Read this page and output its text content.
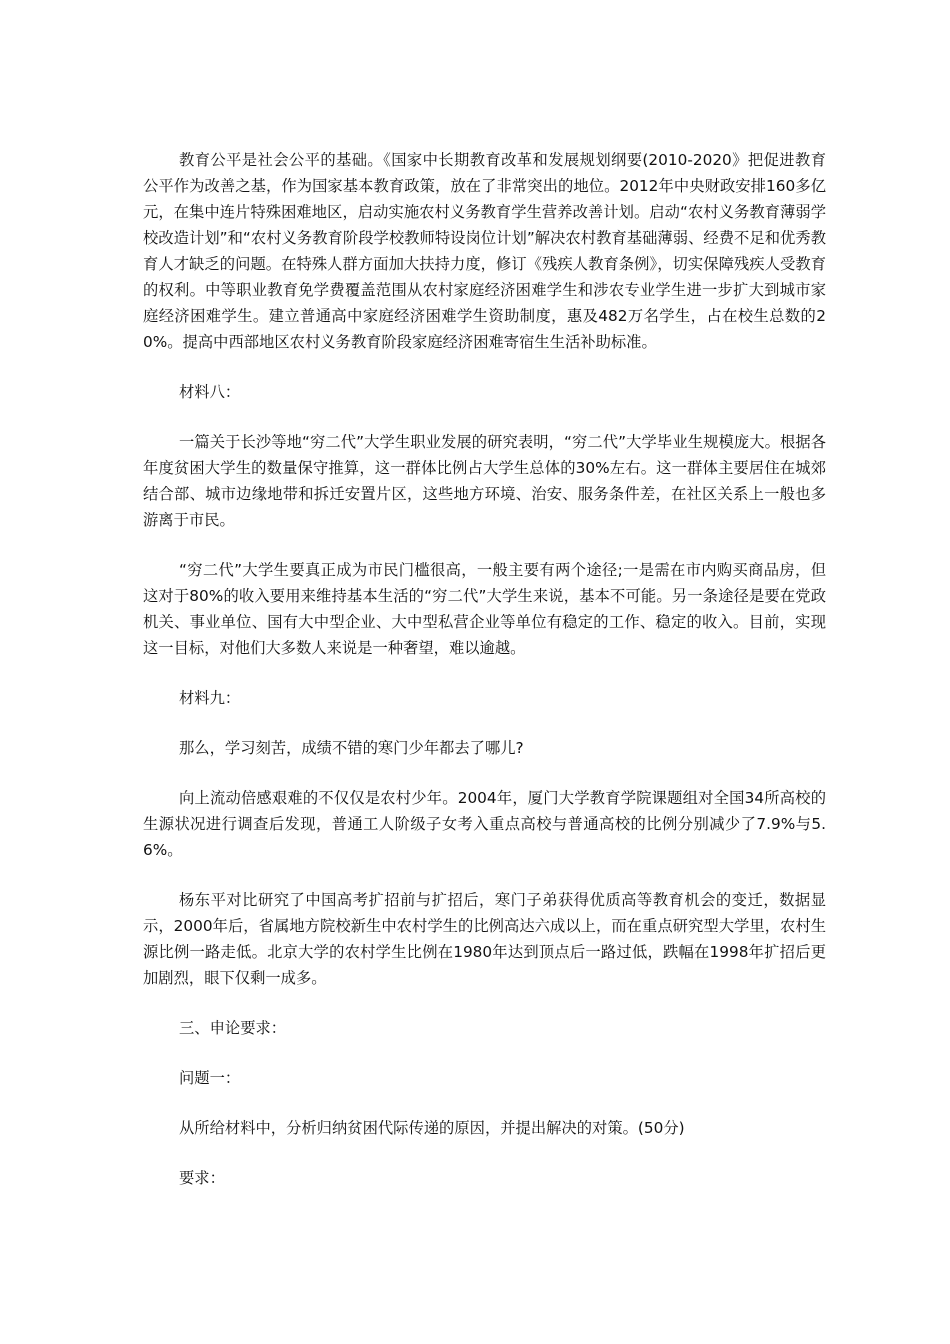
教育公平是社会公平的基础。《国家中长期教育改革和发展规划纲要(2010-2020》把促进教育公平作为改善之基，作为国家基本教育政策，放在了非常突出的地位。2012年中央财政安排160多亿元，在集中连片特殊困难地区，启动实施农村义务教育学生营养改善计划。启动“农村义务教育薄弱学校改造计划”和“农村义务教育阶段学校教师特设岗位计划”解决农村教育基础薄弱、经费不足和优秀教育人才缺乏的问题。在特殊人群方面加大扶持力度，修订《残疾人教育条例》，切实保障残疾人受教育的权利。中等职业教育免学费覆盖范围从农村家庭经济困难学生和涉农专业学生进一步扩大到城市家庭经济困难学生。建立普通高中家庭经济困难学生资助制度，惠及482万名学生，占在校生总数的20%。提高中西部地区农村义务教育阶段家庭经济困难寄宿生生活补助标准。

材料八：

一篇关于长沙等地“穷二代”大学生职业发展的研究表明，“穷二代”大学毕业生规模庞大。根据各年度贫困大学生的数量保守推算，这一群体比例占大学生总体的30%左右。这一群体主要居住在城郊结合部、城市边缘地带和拆迁安置片区，这些地方环境、治安、服务条件差，在社区关系上一般也多游离于市民。

“穷二代”大学生要真正成为市民门槛很高，一般主要有两个途径;一是需在市内购买商品房，但这对于80%的收入要用来维持基本生活的“穷二代”大学生来说，基本不可能。另一条途径是要在党政机关、事业单位、国有大中型企业、大中型私营企业等单位有稳定的工作、稳定的收入。目前，实现这一目标，对他们大多数人来说是一种奢望，难以逾越。

材料九：

那么，学习刻苦，成绩不错的寒门少年都去了哪儿?

向上流动倍感艰难的不仅仅是农村少年。2004年，厦门大学教育学院课题组对全国34所高校的生源状况进行调查后发现，普通工人阶级子女考入重点高校与普通高校的比例分别减少了7.9%与5.6%。

杨东平对比研究了中国高考扩招前与扩招后，寒门子弟获得优质高等教育机会的变迁，数据显示，2000年后，省属地方院校新生中农村学生的比例高达六成以上，而在重点研究型大学里，农村生源比例一路走低。北京大学的农村学生比例在1980年达到顶点后一路过低，跌幅在1998年扩招后更加剧烈，眼下仅剩一成多。

三、申论要求：

问题一：

从所给材料中，分析归纳贫困代际传递的原因，并提出解决的对策。(50分)

要求：
